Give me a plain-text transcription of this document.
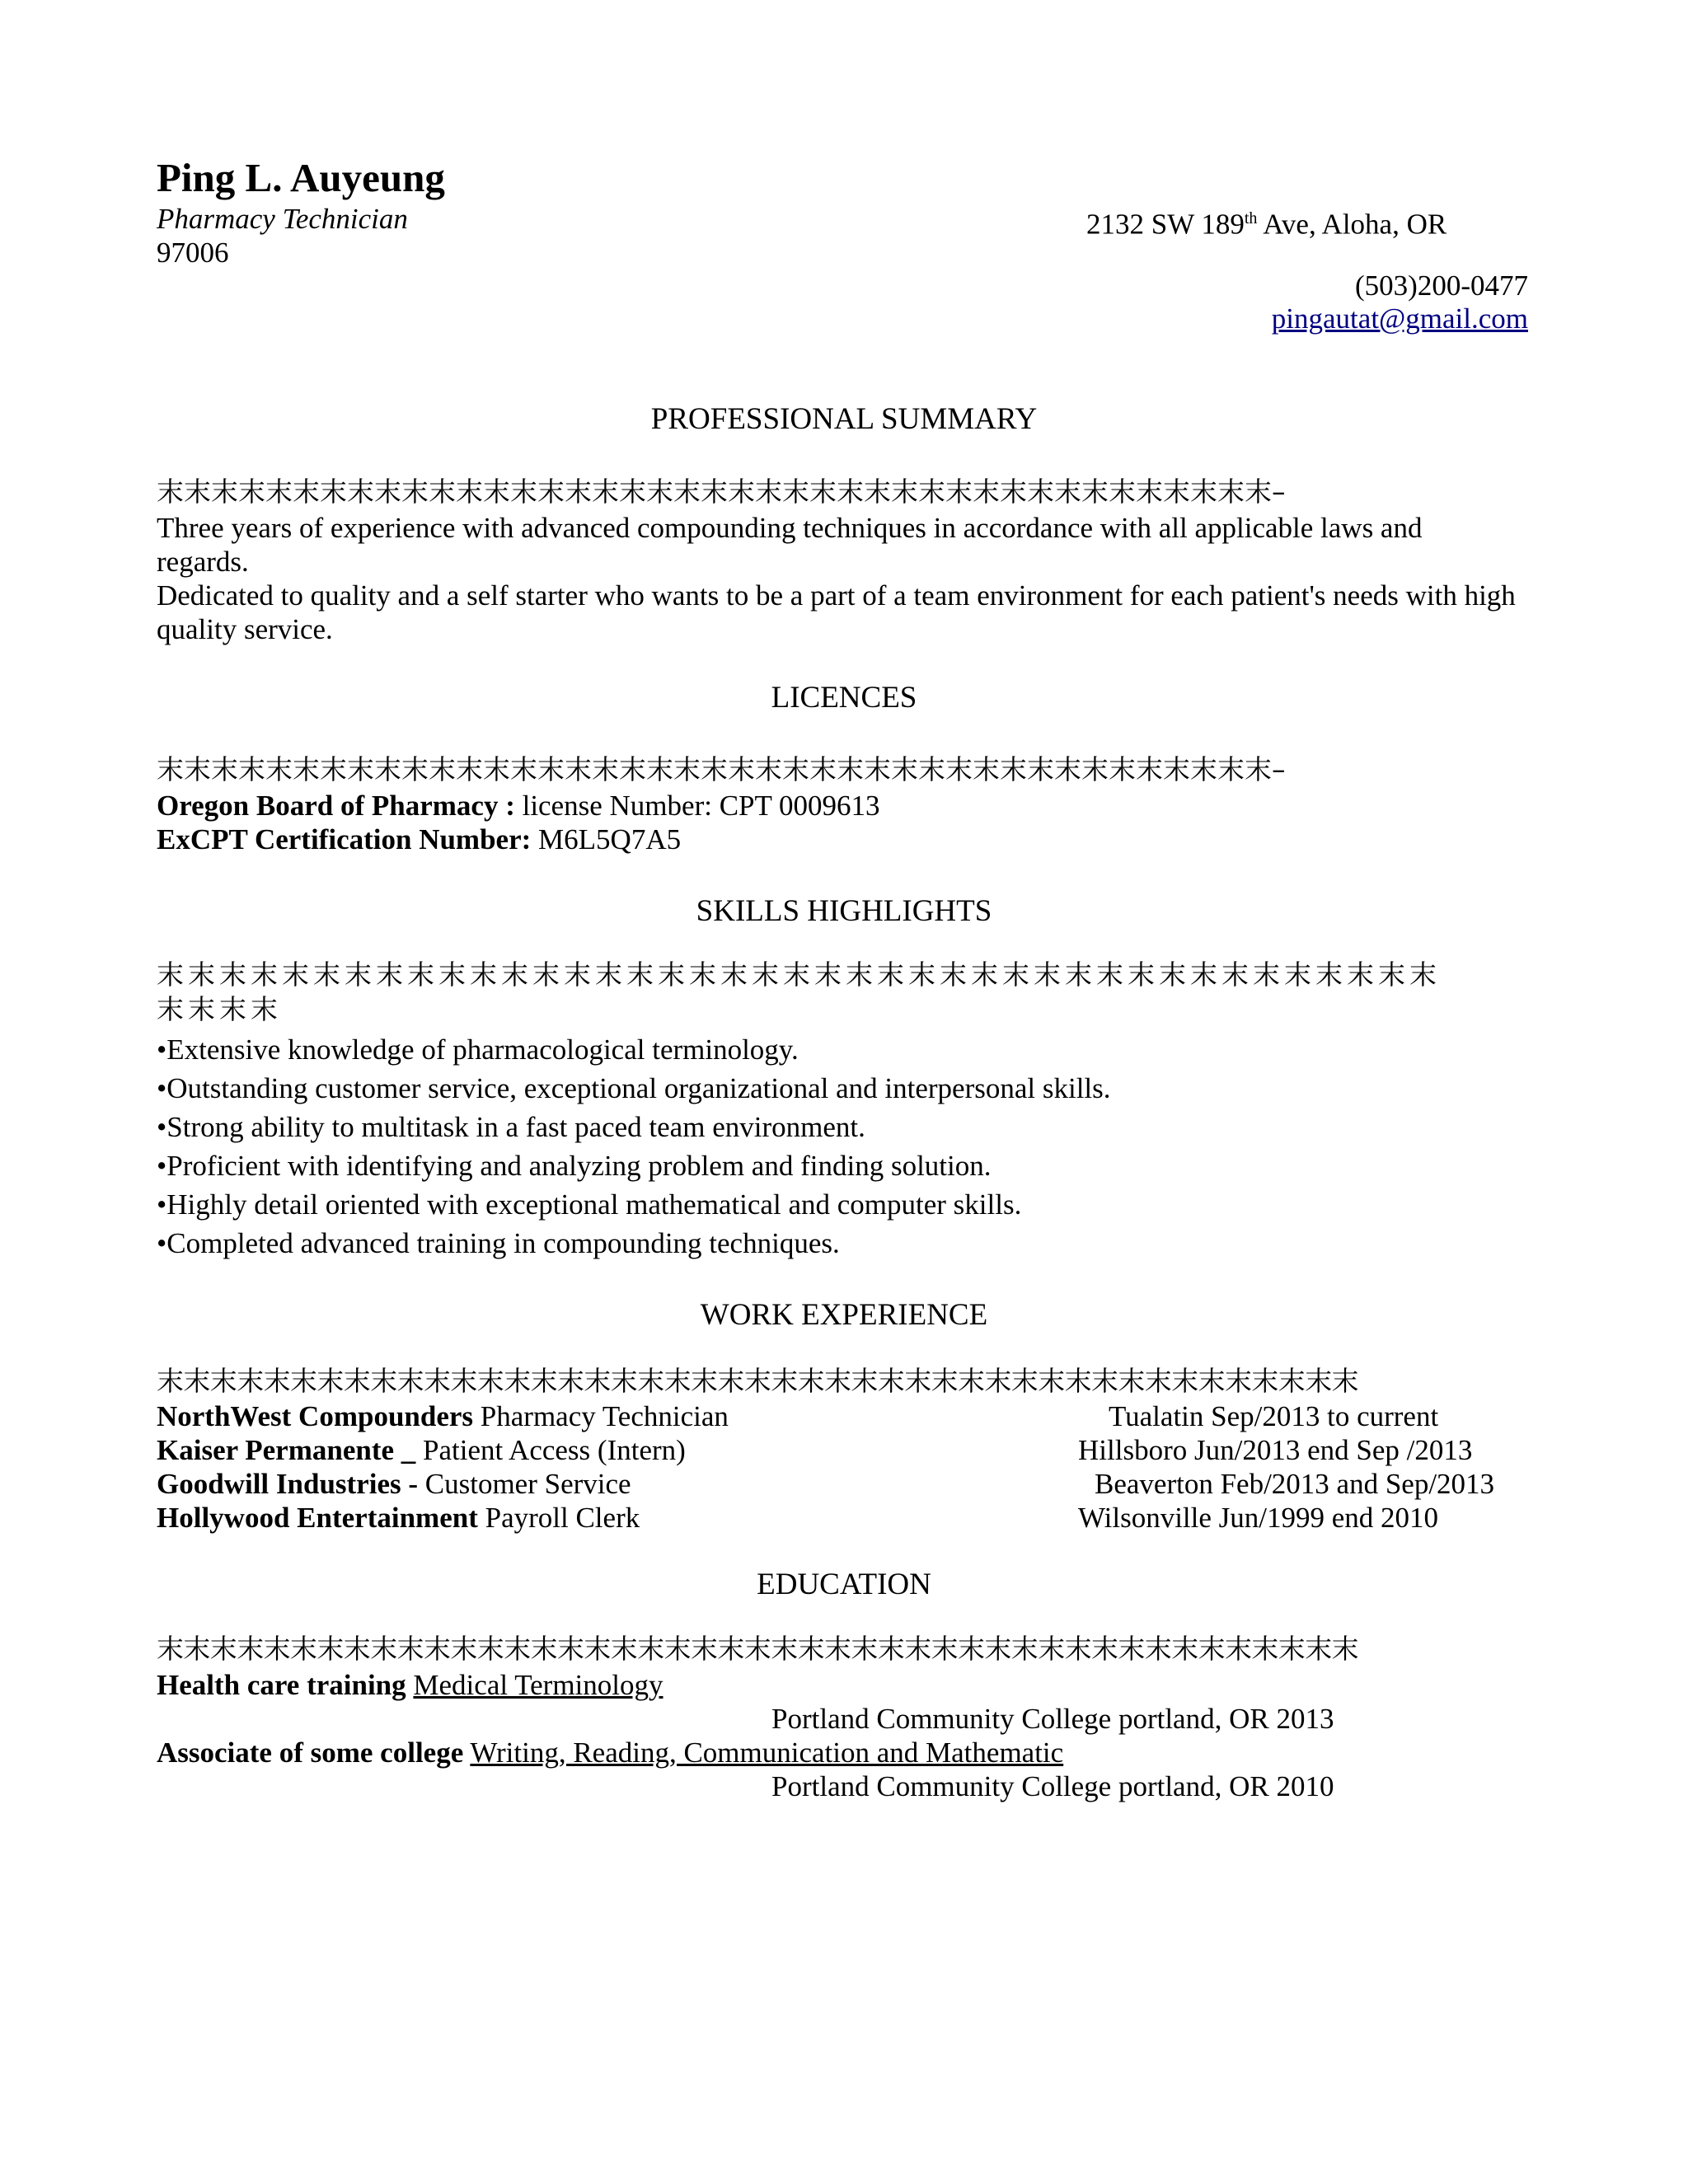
Ping L. Auyeung
Pharmacy Technician	2132 SW 189th Ave, Aloha, OR
97006
(503)200-0477
pingautat@gmail.com
PROFESSIONAL SUMMARY
末末末末末末末末末末末末末末末末末末末末末末末末末末末末末末末末末末末末末末末末末–
Three years of experience with advanced compounding techniques in accordance with all applicable laws and regards.
Dedicated to quality and a self starter who wants to be a part of a team environment for each patient's needs with high quality service.
LICENCES
末末末末末末末末末末末末末末末末末末末末末末末末末末末末末末末末末末末末末末末末末–
Oregon Board of Pharmacy : license Number: CPT 0009613
ExCPT Certification Number: M6L5Q7A5
SKILLS HIGHLIGHTS
末末末末末末末末末末末末末末末末末末末末末末末末末末末末末末末末末末末末末末末末末
末末末末
•Extensive knowledge of pharmacological terminology.
•Outstanding customer service, exceptional organizational and interpersonal skills.
•Strong ability to multitask in a fast paced team environment.
•Proficient with identifying and analyzing problem and finding solution.
•Highly detail oriented with exceptional mathematical and computer skills.
•Completed advanced training in compounding techniques.
WORK EXPERIENCE
末末末末末末末末末末末末末末末末末末末末末末末末末末末末末末末末末末末末末末末末末末末末末
NorthWest Compounders Pharmacy Technician	Tualatin Sep/2013 to current
Kaiser Permanente _ Patient Access (Intern)	Hillsboro Jun/2013 end Sep /2013
Goodwill Industries - Customer Service	Beaverton Feb/2013 and Sep/2013
Hollywood Entertainment Payroll Clerk	Wilsonville Jun/1999 end 2010
EDUCATION
末末末末末末末末末末末末末末末末末末末末末末末末末末末末末末末末末末末末末末末末末末末末末
Health care training Medical Terminology
Portland Community College portland, OR 2013
Associate of some college Writing, Reading, Communication and Mathematic
Portland Community College portland, OR 2010
